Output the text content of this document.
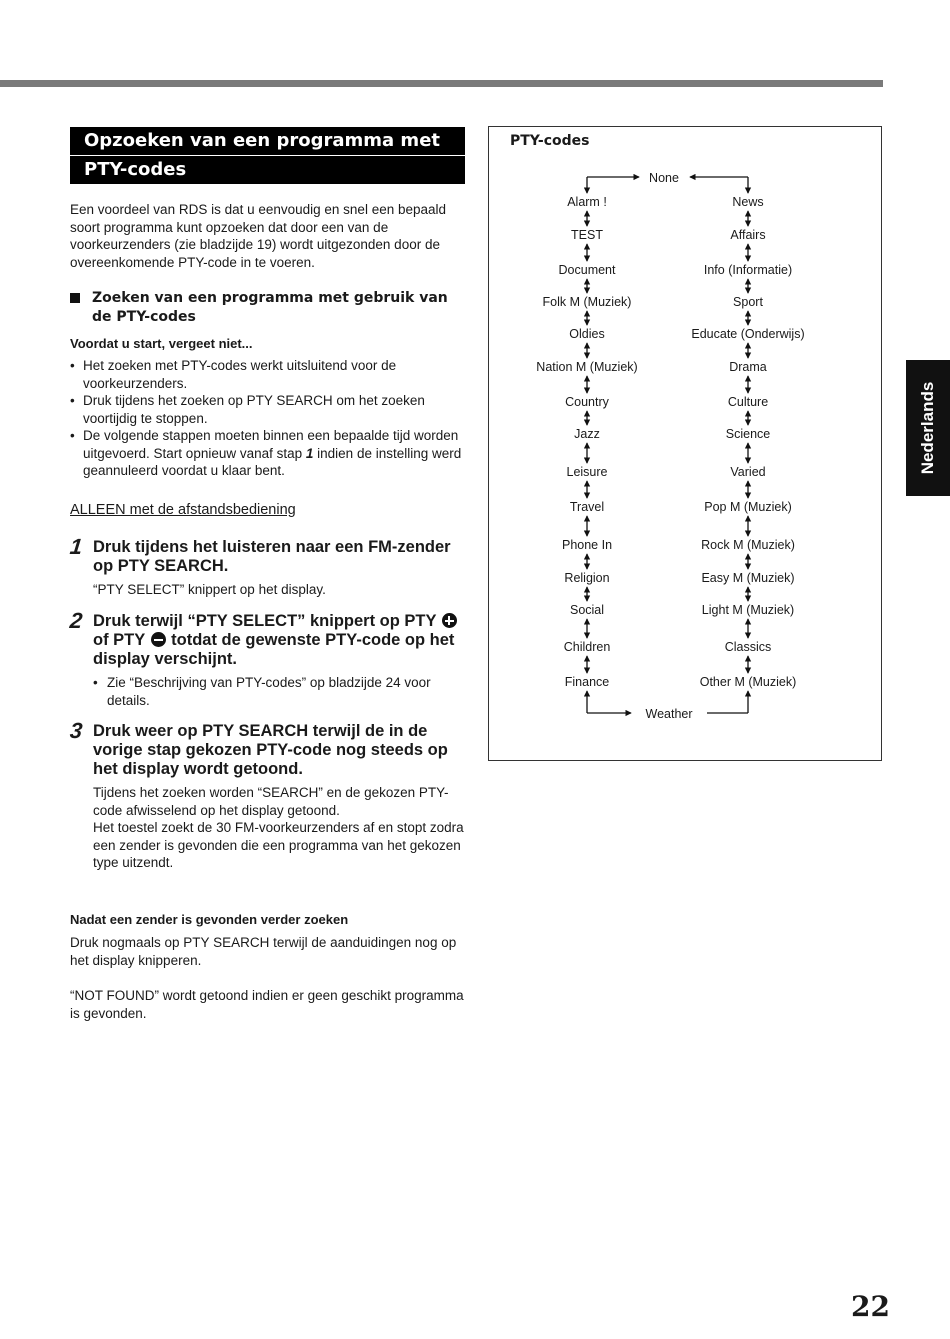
Opzoeken van een programma met
PTY-codes
Een voordeel van RDS is dat u eenvoudig en snel een bepaald soort programma kunt opzoeken dat door een van de voorkeurzenders (zie bladzijde 19) wordt uitgezonden door de overeenkomende PTY-code in te voeren.
Zoeken van een programma met gebruik van de PTY-codes
Voordat u start, vergeet niet...
• Het zoeken met PTY-codes werkt uitsluitend voor de voorkeurzenders.
• Druk tijdens het zoeken op PTY SEARCH om het zoeken voortijdig te stoppen.
• De volgende stappen moeten binnen een bepaalde tijd worden uitgevoerd. Start opnieuw vanaf stap 1 indien de instelling werd geannuleerd voordat u klaar bent.
ALLEEN met de afstandsbediening
1 Druk tijdens het luisteren naar een FM-zender op PTY SEARCH.
“PTY SELECT” knippert op het display.
2 Druk terwijl “PTY SELECT” knippert op PTY  of PTY totdat de gewenste PTY-code op het display verschijnt.
• Zie “Beschrijving van PTY-codes” op bladzijde 24 voor details.
3 Druk weer op PTY SEARCH terwijl de in de vorige stap gekozen PTY-code nog steeds op het display wordt getoond.
Tijdens het zoeken worden “SEARCH” en de gekozen PTY-code afwisselend op het display getoond.
Het toestel zoekt de 30 FM-voorkeurzenders af en stopt zodra een zender is gevonden die een programma van het gekozen type uitzendt.
Nadat een zender is gevonden verder zoeken
Druk nogmaals op PTY SEARCH terwijl de aanduidingen nog op het display knipperen.
“NOT FOUND” wordt getoond indien er geen geschikt programma is gevonden.
Nederlands
PTY-codes
None
Weather
Alarm !
TEST
Document
Folk M (Muziek)
Oldies
Nation M (Muziek)
Country
Jazz
Leisure
Travel
Phone In
Religion
Social
Children
Finance
News
Affairs
Info (Informatie)
Sport
Educate (Onderwijs)
Drama
Culture
Science
Varied
Pop M (Muziek)
Rock M (Muziek)
Easy M (Muziek)
Light M (Muziek)
Classics
Other M (Muziek)
22
